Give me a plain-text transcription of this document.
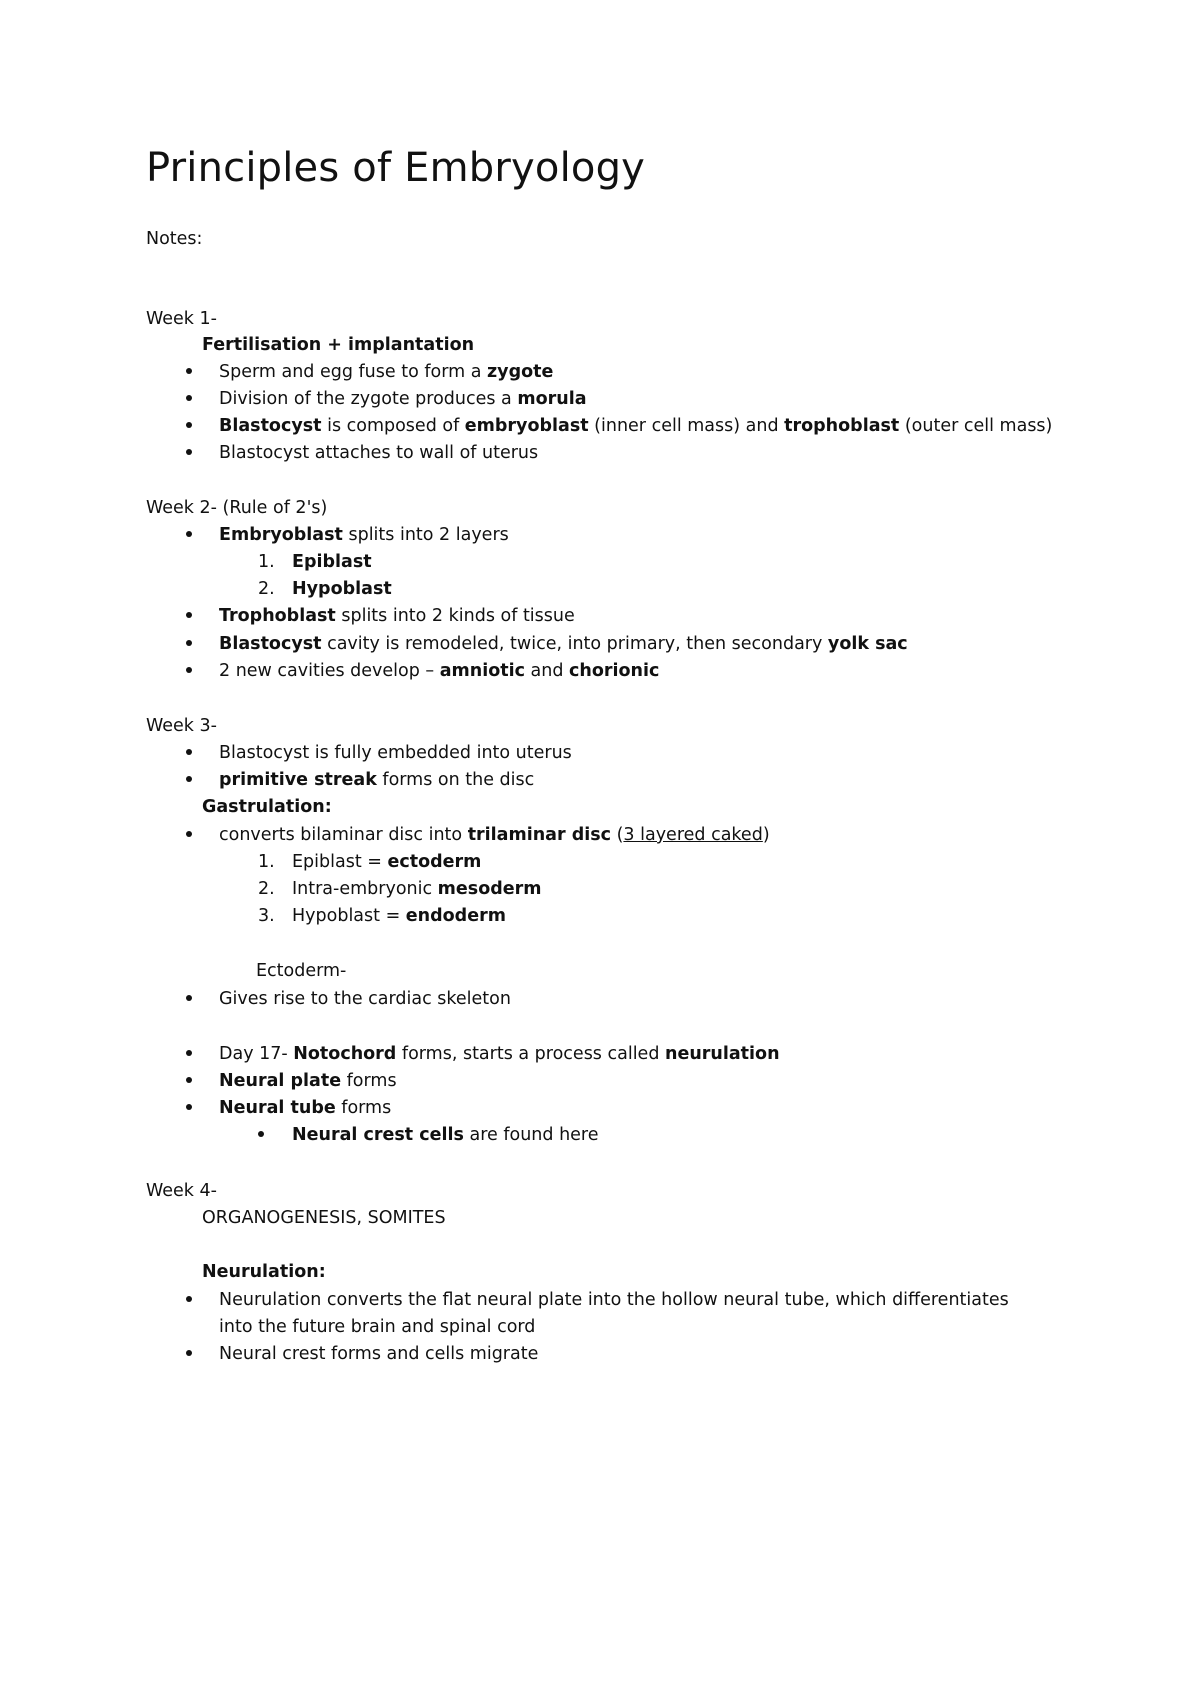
Principles of Embryology

Notes:

Week 1-

Fertilisation + implantation

Sperm and egg fuse to form a zygote

Division of the zygote produces a morula

Blastocyst is composed of embryoblast (inner cell mass) and trophoblast (outer cell mass)

Blastocyst attaches to wall of uterus

Week 2- (Rule of 2's)

Embryoblast splits into 2 layers

1. Epiblast

2. Hypoblast

Trophoblast splits into 2 kinds of tissue

Blastocyst cavity is remodeled, twice, into primary, then secondary yolk sac

2 new cavities develop – amniotic and chorionic

Week 3-

Blastocyst is fully embedded into uterus

primitive streak forms on the disc

Gastrulation:

converts bilaminar disc into trilaminar disc (3 layered caked)

1. Epiblast = ectoderm

2. Intra-embryonic mesoderm

3. Hypoblast = endoderm

Ectoderm-

Gives rise to the cardiac skeleton

Day 17- Notochord forms, starts a process called neurulation

Neural plate forms

Neural tube forms

Neural crest cells are found here

Week 4-

ORGANOGENESIS, SOMITES

Neurulation:

Neurulation converts the flat neural plate into the hollow neural tube, which differentiates

into the future brain and spinal cord

Neural crest forms and cells migrate
